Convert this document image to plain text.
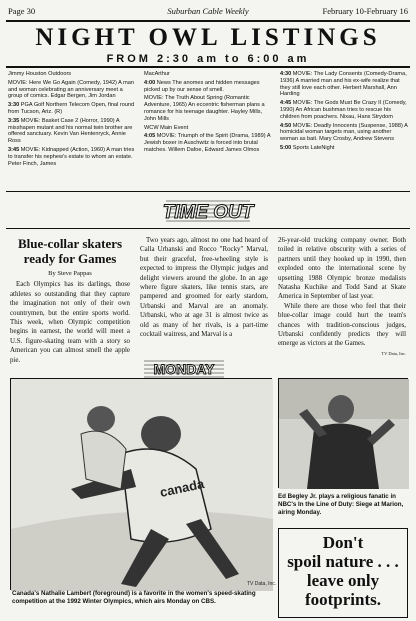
Page 30	Suburban Cable Weekly	February 10-February 16
NIGHT OWL LISTINGS
FROM 2:30 am to 6:00 am
Jimmy Houston Outdoors
MOVIE: Here We Go Again (Comedy, 1942) A man and woman celebrating an anniversary meet a group of comics. Edgar Bergen, Jim Jordan
3:30 PGA Golf Northern Telecom Open, final round from Tucson, Ariz. (R)
3:35 MOVIE: Basket Case 2 (Horror, 1990) A misshapen mutant and his normal twin brother are offered sanctuary. Kevin Van Hentenryck, Annie Ross
3:45 MOVIE: Kidnapped (Action, 1960) A man tries to transfer his nephew's estate to whom an estate. Peter Finch, James
MacArthur
4:00 News The anomes and hidden messages picked up by our sense of smell.
MOVIE: The Truth About Spring (Romantic Adventure, 1965) An eccentric fisherman plans a romance for his teenage daughter. Hayley Mills, John Mills
WCW Main Event
4:05 MOVIE: Triumph of the Spirit (Drama, 1989) A Jewish boxer in Auschwitz is forced into brutal matches. Willem Dafoe, Edward James Olmos
4:30 MOVIE: The Lady Consents (Comedy-Drama, 1936) A married man and his ex-wife realize that they still love each other. Herbert Marshall, Ann Harding
4:45 MOVIE: The Gods Must Be Crazy II (Comedy, 1990) An African bushman tries to rescue his children from poachers. Nixau, Hans Strydom
4:50 MOVIE: Deadly Innocents (Suspense, 1988) A homicidal woman targets man, using another woman as bait. Mary Crosby, Andrew Stevens
5:00 Sports LateNight
TIME OUT
Blue-collar skaters ready for Games
By Steve Pappas
Each Olympics has its darlings, those athletes so outstanding that they capture the imagination not only of their own countrymen, but the entire sports world. This week, when Olympic competition begins in earnest, the world will meet a U.S. figure-skating team with a story so American you can almost smell the apple pie.
Two years ago, almost no one had heard of Calla Urbanski and Rocco "Rocky" Marval, but their graceful, free-wheeling style is expected to impress the Olympic judges and delight viewers around the globe. In an age where figure skaters, like tennis stars, are pampered and groomed for early stardom, Urbanski and Marval are an anomaly. Urbanski, who at age 31 is almost twice as old as many of her rivals, is a part-time cocktail waitress, and Marval is a
26-year-old trucking company owner. Both toiled in relative obscurity with a series of partners until they hooked up in 1990, then exploded onto the international scene by upsetting 1988 Olympic bronze medalists Natasha Kuchike and Todd Sand at Skate America in September of last year.
While there are those who feel that their blue-collar image could hurt the team's chances with tradition-conscious judges, Urbanski confidently predicts they will emerge as victors at the Games.
TV Data, Inc.
MONDAY
canada
TV Data, Inc.
Canada's Nathalie Lambert (foreground) is a favorite in the women's speed-skating competition at the 1992 Winter Olympics, which airs Monday on CBS.
Ed Begley Jr. plays a religious fanatic in NBC's In the Line of Duty: Siege at Marion, airing Monday.
Don't
spoil nature . . .
leave only
footprints.
